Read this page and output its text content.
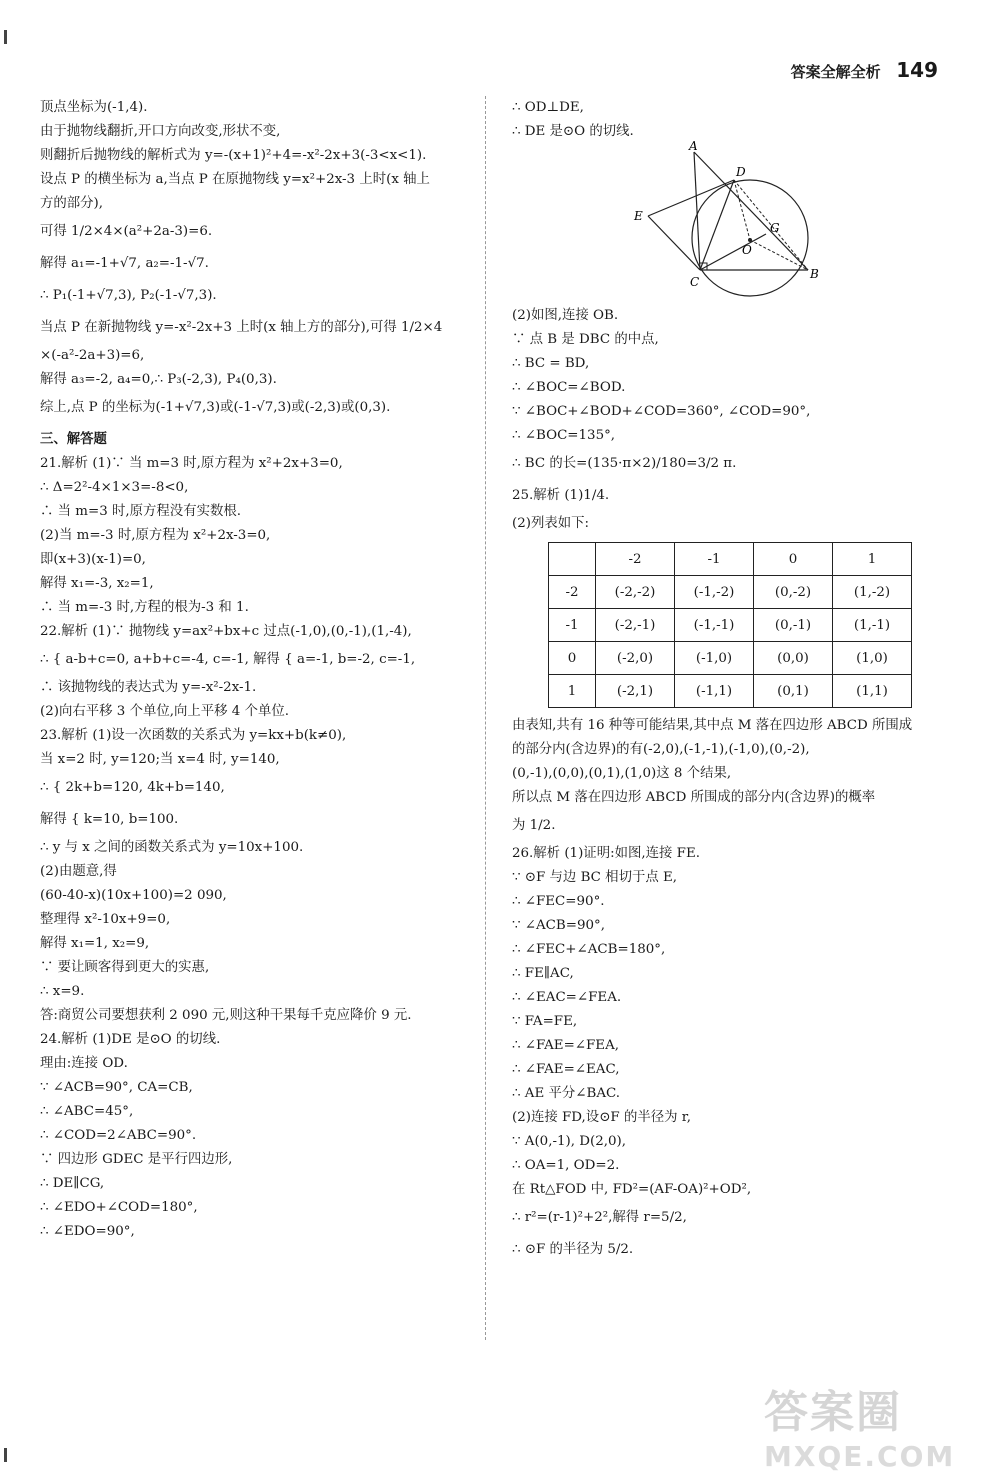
答案全解全析 149
顶点坐标为(-1,4).
由于抛物线翻折,开口方向改变,形状不变,
则翻折后抛物线的解析式为 y=-(x+1)²+4=-x²-2x+3(-3<x<1).
设点 P 的横坐标为 a,当点 P 在原抛物线 y=x²+2x-3 上时(x 轴上
方的部分),
可得 1/2×4×(a²+2a-3)=6.
解得 a₁=-1+√7, a₂=-1-√7.
∴ P₁(-1+√7,3), P₂(-1-√7,3).
当点 P 在新抛物线 y=-x²-2x+3 上时(x 轴上方的部分),可得 1/2×4
×(-a²-2a+3)=6,
解得 a₃=-2, a₄=0,∴ P₃(-2,3), P₄(0,3).
综上,点 P 的坐标为(-1+√7,3)或(-1-√7,3)或(-2,3)或(0,3).
三、解答题
21.解析 (1)∵ 当 m=3 时,原方程为 x²+2x+3=0,
∴ Δ=2²-4×1×3=-8<0,
∴ 当 m=3 时,原方程没有实数根.
(2)当 m=-3 时,原方程为 x²+2x-3=0,
即(x+3)(x-1)=0,
解得 x₁=-3, x₂=1,
∴ 当 m=-3 时,方程的根为-3 和 1.
22.解析 (1)∵ 抛物线 y=ax²+bx+c 过点(-1,0),(0,-1),(1,-4),
∴ { a-b+c=0, a+b+c=-4, c=-1, 解得 { a=-1, b=-2, c=-1,
∴ 该抛物线的表达式为 y=-x²-2x-1.
(2)向右平移 3 个单位,向上平移 4 个单位.
23.解析 (1)设一次函数的关系式为 y=kx+b(k≠0),
当 x=2 时, y=120;当 x=4 时, y=140,
∴ { 2k+b=120, 4k+b=140,
解得 { k=10, b=100.
∴ y 与 x 之间的函数关系式为 y=10x+100.
(2)由题意,得
(60-40-x)(10x+100)=2 090,
整理得 x²-10x+9=0,
解得 x₁=1, x₂=9,
∵ 要让顾客得到更大的实惠,
∴ x=9.
答:商贸公司要想获利 2 090 元,则这种干果每千克应降价 9 元.
24.解析 (1)DE 是⊙O 的切线.
理由:连接 OD.
∵ ∠ACB=90°, CA=CB,
∴ ∠ABC=45°,
∴ ∠COD=2∠ABC=90°.
∵ 四边形 GDEC 是平行四边形,
∴ DE∥CG,
∴ ∠EDO+∠COD=180°,
∴ ∠EDO=90°,
∴ OD⊥DE,
∴ DE 是⊙O 的切线.
A
D
E
G
O
C
B
(2)如图,连接 OB.
∵ 点 B 是 DBC 的中点,
∴ BC = BD,
∴ ∠BOC=∠BOD.
∵ ∠BOC+∠BOD+∠COD=360°, ∠COD=90°,
∴ ∠BOC=135°,
∴ BC 的长=(135·π×2)/180=3/2 π.
25.解析 (1)1/4.
(2)列表如下:
	-2	-1	0	1
-2	(-2,-2)	(-1,-2)	(0,-2)	(1,-2)
-1	(-2,-1)	(-1,-1)	(0,-1)	(1,-1)
0	(-2,0)	(-1,0)	(0,0)	(1,0)
1	(-2,1)	(-1,1)	(0,1)	(1,1)
由表知,共有 16 种等可能结果,其中点 M 落在四边形 ABCD 所围成
的部分内(含边界)的有(-2,0),(-1,-1),(-1,0),(0,-2),
(0,-1),(0,0),(0,1),(1,0)这 8 个结果,
所以点 M 落在四边形 ABCD 所围成的部分内(含边界)的概率
为 1/2.
26.解析 (1)证明:如图,连接 FE.
∵ ⊙F 与边 BC 相切于点 E,
∴ ∠FEC=90°.
∵ ∠ACB=90°,
∴ ∠FEC+∠ACB=180°,
∴ FE∥AC,
∴ ∠EAC=∠FEA.
∵ FA=FE,
∴ ∠FAE=∠FEA,
∴ ∠FAE=∠EAC,
∴ AE 平分∠BAC.
(2)连接 FD,设⊙F 的半径为 r,
∵ A(0,-1), D(2,0),
∴ OA=1, OD=2.
在 Rt△FOD 中, FD²=(AF-OA)²+OD²,
∴ r²=(r-1)²+2²,解得 r=5/2,
∴ ⊙F 的半径为 5/2.
答案圈
MXQE.COM
